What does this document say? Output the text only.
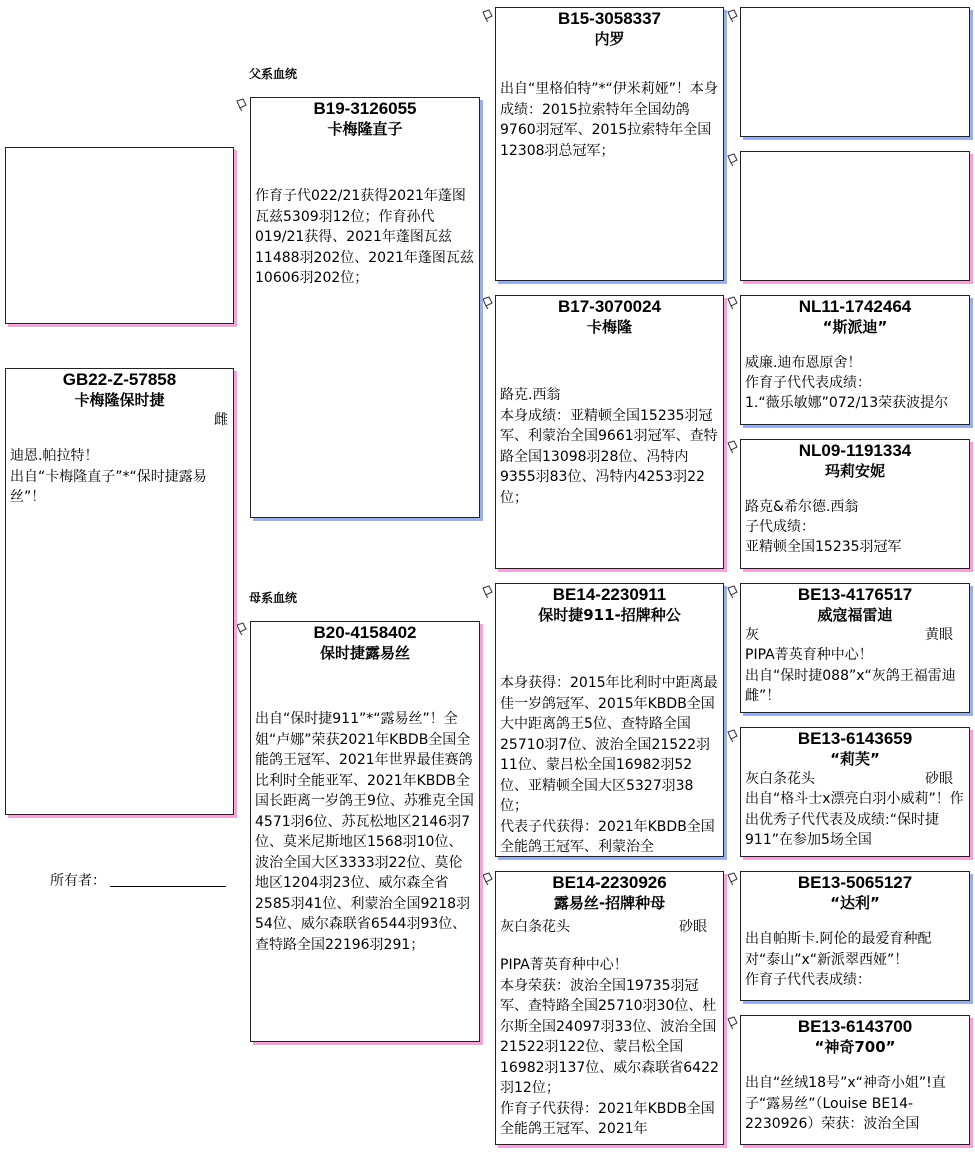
父系血统
母系血统
GB22-Z-57858
卡梅隆保时捷
雌
迪恩.帕拉特！
出自“卡梅隆直子”*“保时捷露易丝”！
B19-3126055
卡梅隆直子
作育子代022/21获得2021年蓬图瓦兹5309羽12位；作育孙代019/21获得、2021年蓬图瓦兹11488羽202位、2021年蓬图瓦兹10606羽202位；
B20-4158402
保时捷露易丝
出自“保时捷911”*“露易丝”！全姐“卢娜”荣获2021年KBDB全国全能鸽王冠军、2021年世界最佳赛鸽比利时全能亚军、2021年KBDB全国长距离一岁鸽王9位、苏雅克全国4571羽6位、苏瓦松地区2146羽7位、莫米尼斯地区1568羽10位、波治全国大区3333羽22位、莫伦地区1204羽23位、威尔森全省2585羽41位、利蒙治全国9218羽54位、威尔森联省6544羽93位、查特路全国22196羽291；
B15-3058337
内罗
出自“里格伯特”*“伊米莉娅”！本身成绩：2015拉索特年全国幼鸽9760羽冠军、2015拉索特年全国12308羽总冠军；
B17-3070024
卡梅隆
路克.西翁
本身成绩：亚精顿全国15235羽冠军、利蒙治全国9661羽冠军、查特路全国13098羽28位、冯特内9355羽83位、冯特内4253羽22位；
BE14-2230911
保时捷911-招牌种公
本身获得：2015年比利时中距离最佳一岁鸽冠军、2015年KBDB全国大中距离鸽王5位、查特路全国25710羽7位、波治全国21522羽11位、蒙吕松全国16982羽52位、亚精顿全国大区5327羽38位；
代表子代获得：2021年KBDB全国全能鸽王冠军、利蒙治全
BE14-2230926
露易丝-招牌种母
灰白条花头	砂眼
PIPA菁英育种中心！
本身荣获：波治全国19735羽冠军、查特路全国25710羽30位、杜尔斯全国24097羽33位、波治全国21522羽122位、蒙吕松全国16982羽137位、威尔森联省6422羽12位；
作育子代获得：2021年KBDB全国全能鸽王冠军、2021年
NL11-1742464
“斯派迪”
威廉.迪布恩原舍！
作育子代代表成绩：
1.“薇乐敏娜”072/13荣获波提尔
NL09-1191334
玛莉安妮
路克&希尔德.西翁
子代成绩：
亚精顿全国15235羽冠军
BE13-4176517
威寇福雷迪
灰	黄眼
PIPA菁英育种中心！
出自“保时捷088”x“灰鸽王福雷迪雌”！
BE13-6143659
“莉芙”
灰白条花头	砂眼
出自“格斗士x漂亮白羽小威莉”！作出优秀子代代表及成绩:“保时捷911”在参加5场全国
BE13-5065127
“达利”
出自帕斯卡.阿伦的最爱育种配对“泰山”x“新派翠西娅”！
作育子代代表成绩：
BE13-6143700
“神奇700”
出自“丝绒18号”x“神奇小姐”!直子“露易丝”（Louise BE14-2230926）荣获：波治全国
所有者：
